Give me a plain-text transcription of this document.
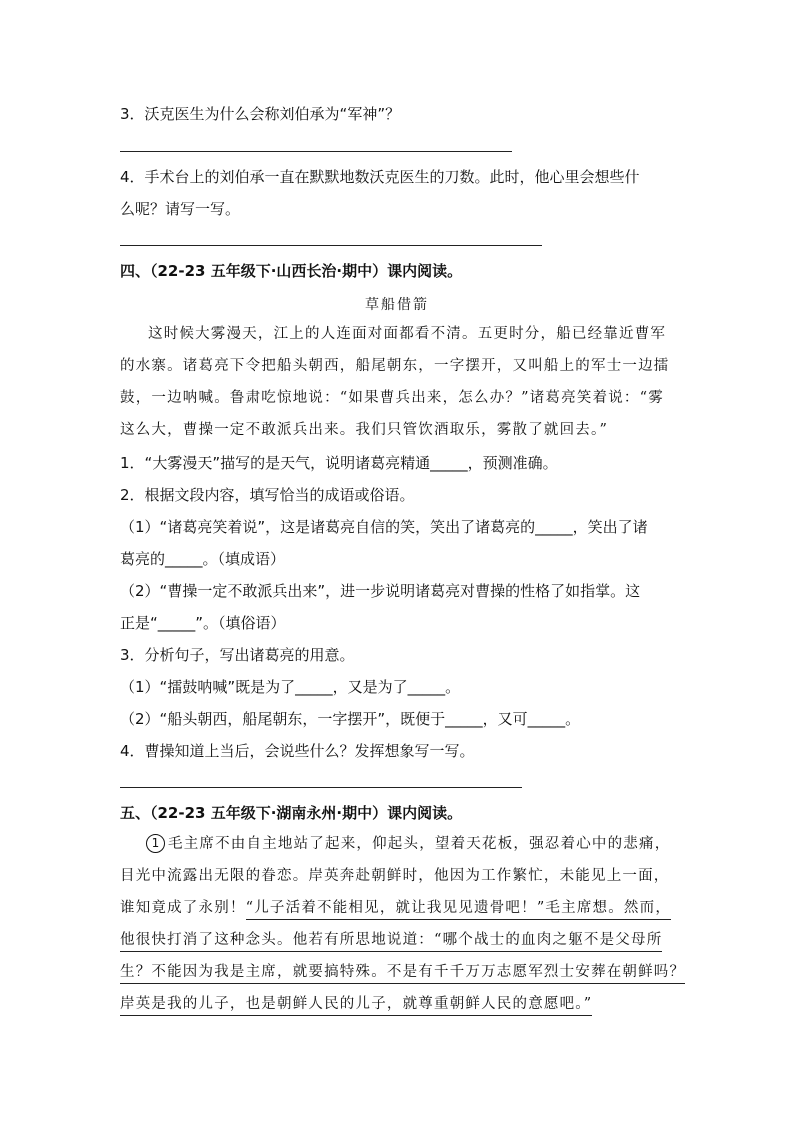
3．沃克医生为什么会称刘伯承为“军神”？
4．手术台上的刘伯承一直在默默地数沃克医生的刀数。此时，他心里会想些什
么呢？请写一写。
四、（22-23 五年级下·山西长治·期中）课内阅读。
草船借箭
这时候大雾漫天，江上的人连面对面都看不清。五更时分，船已经靠近曹军
的水寨。诸葛亮下令把船头朝西，船尾朝东，一字摆开，又叫船上的军士一边擂
鼓，一边呐喊。鲁肃吃惊地说：“如果曹兵出来，怎么办？”诸葛亮笑着说：“雾
这么大，曹操一定不敢派兵出来。我们只管饮酒取乐，雾散了就回去。”
1．“大雾漫天”描写的是天气，说明诸葛亮精通_____，预测准确。
2．根据文段内容，填写恰当的成语或俗语。
（1）“诸葛亮笑着说”，这是诸葛亮自信的笑，笑出了诸葛亮的_____，笑出了诸
葛亮的_____。（填成语）
（2）“曹操一定不敢派兵出来”，进一步说明诸葛亮对曹操的性格了如指掌。这
正是“_____”。（填俗语）
3．分析句子，写出诸葛亮的用意。
（1）“擂鼓呐喊”既是为了_____，又是为了_____。
（2）“船头朝西，船尾朝东，一字摆开”，既便于_____，又可_____。
4．曹操知道上当后，会说些什么？发挥想象写一写。
五、（22-23 五年级下·湖南永州·期中）课内阅读。
1 毛主席不由自主地站了起来，仰起头，望着天花板，强忍着心中的悲痛，
目光中流露出无限的眷恋。岸英奔赴朝鲜时，他因为工作繁忙，未能见上一面，
谁知竟成了永别！“儿子活着不能相见，就让我见见遗骨吧！”毛主席想。然而，
他很快打消了这种念头。他若有所思地说道：“哪个战士的血肉之躯不是父母所
生？不能因为我是主席，就要搞特殊。不是有千千万万志愿军烈士安葬在朝鲜吗？
岸英是我的儿子，也是朝鲜人民的儿子，就尊重朝鲜人民的意愿吧。”
